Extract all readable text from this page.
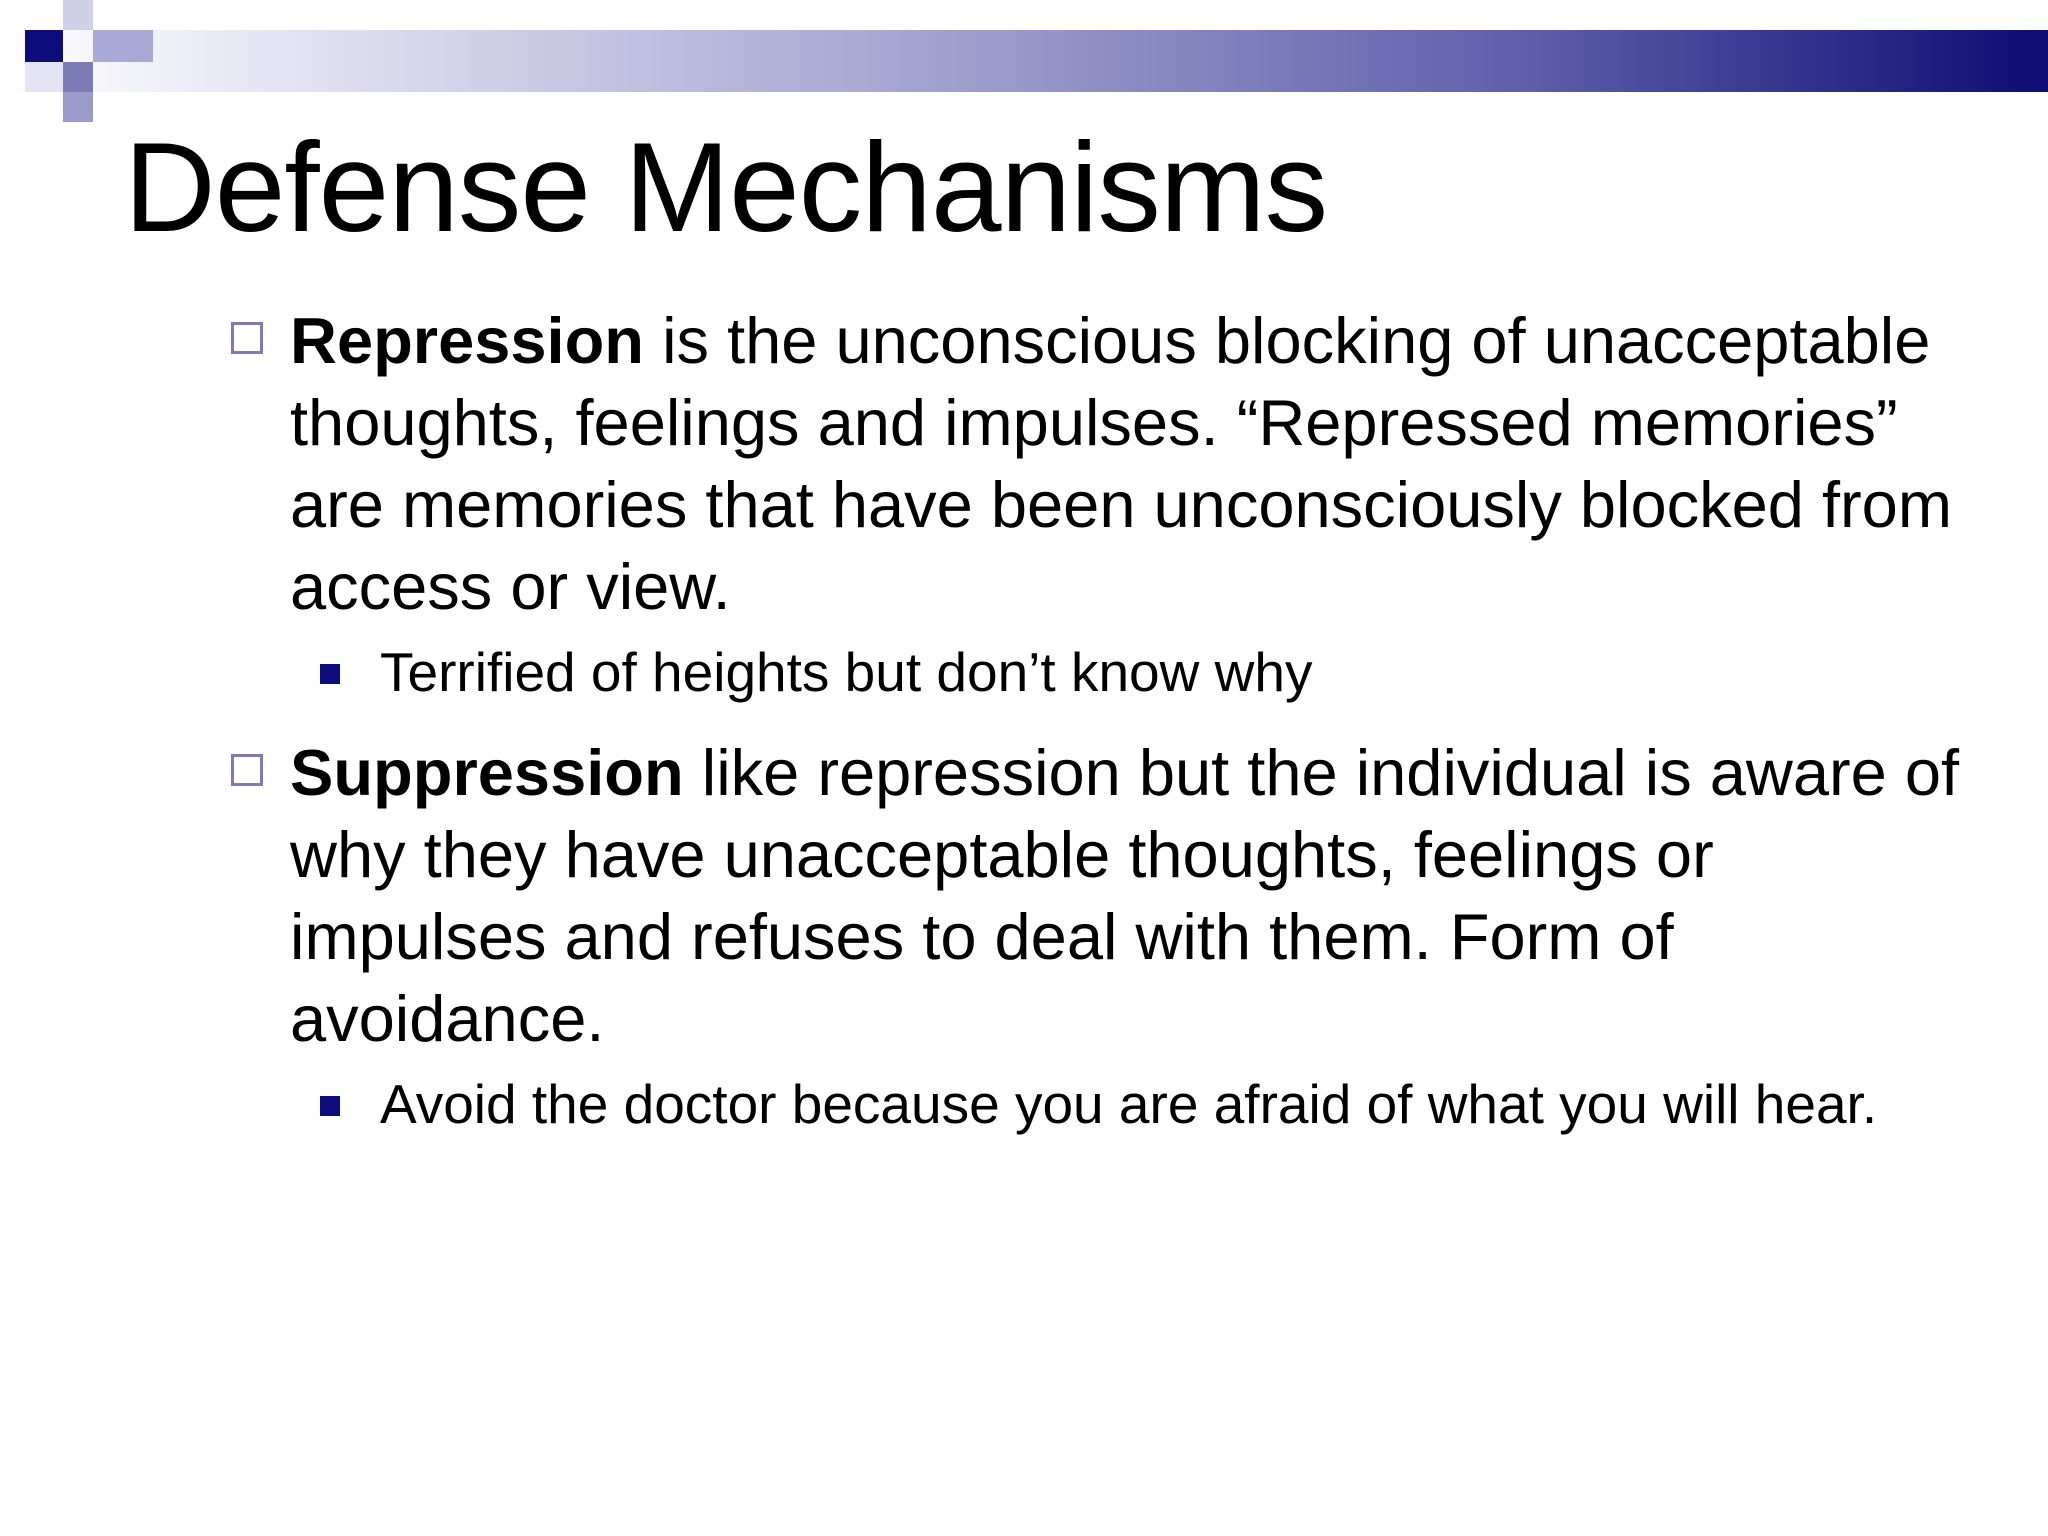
Defense Mechanisms
Repression is the unconscious blocking of unacceptable thoughts, feelings and impulses. “Repressed memories” are memories that have been unconsciously blocked from access or view.
Terrified of heights but don’t know why
Suppression like repression but the individual is aware of why they have unacceptable thoughts, feelings or impulses and refuses to deal with them. Form of avoidance.
Avoid the doctor because you are afraid of what you will hear.
